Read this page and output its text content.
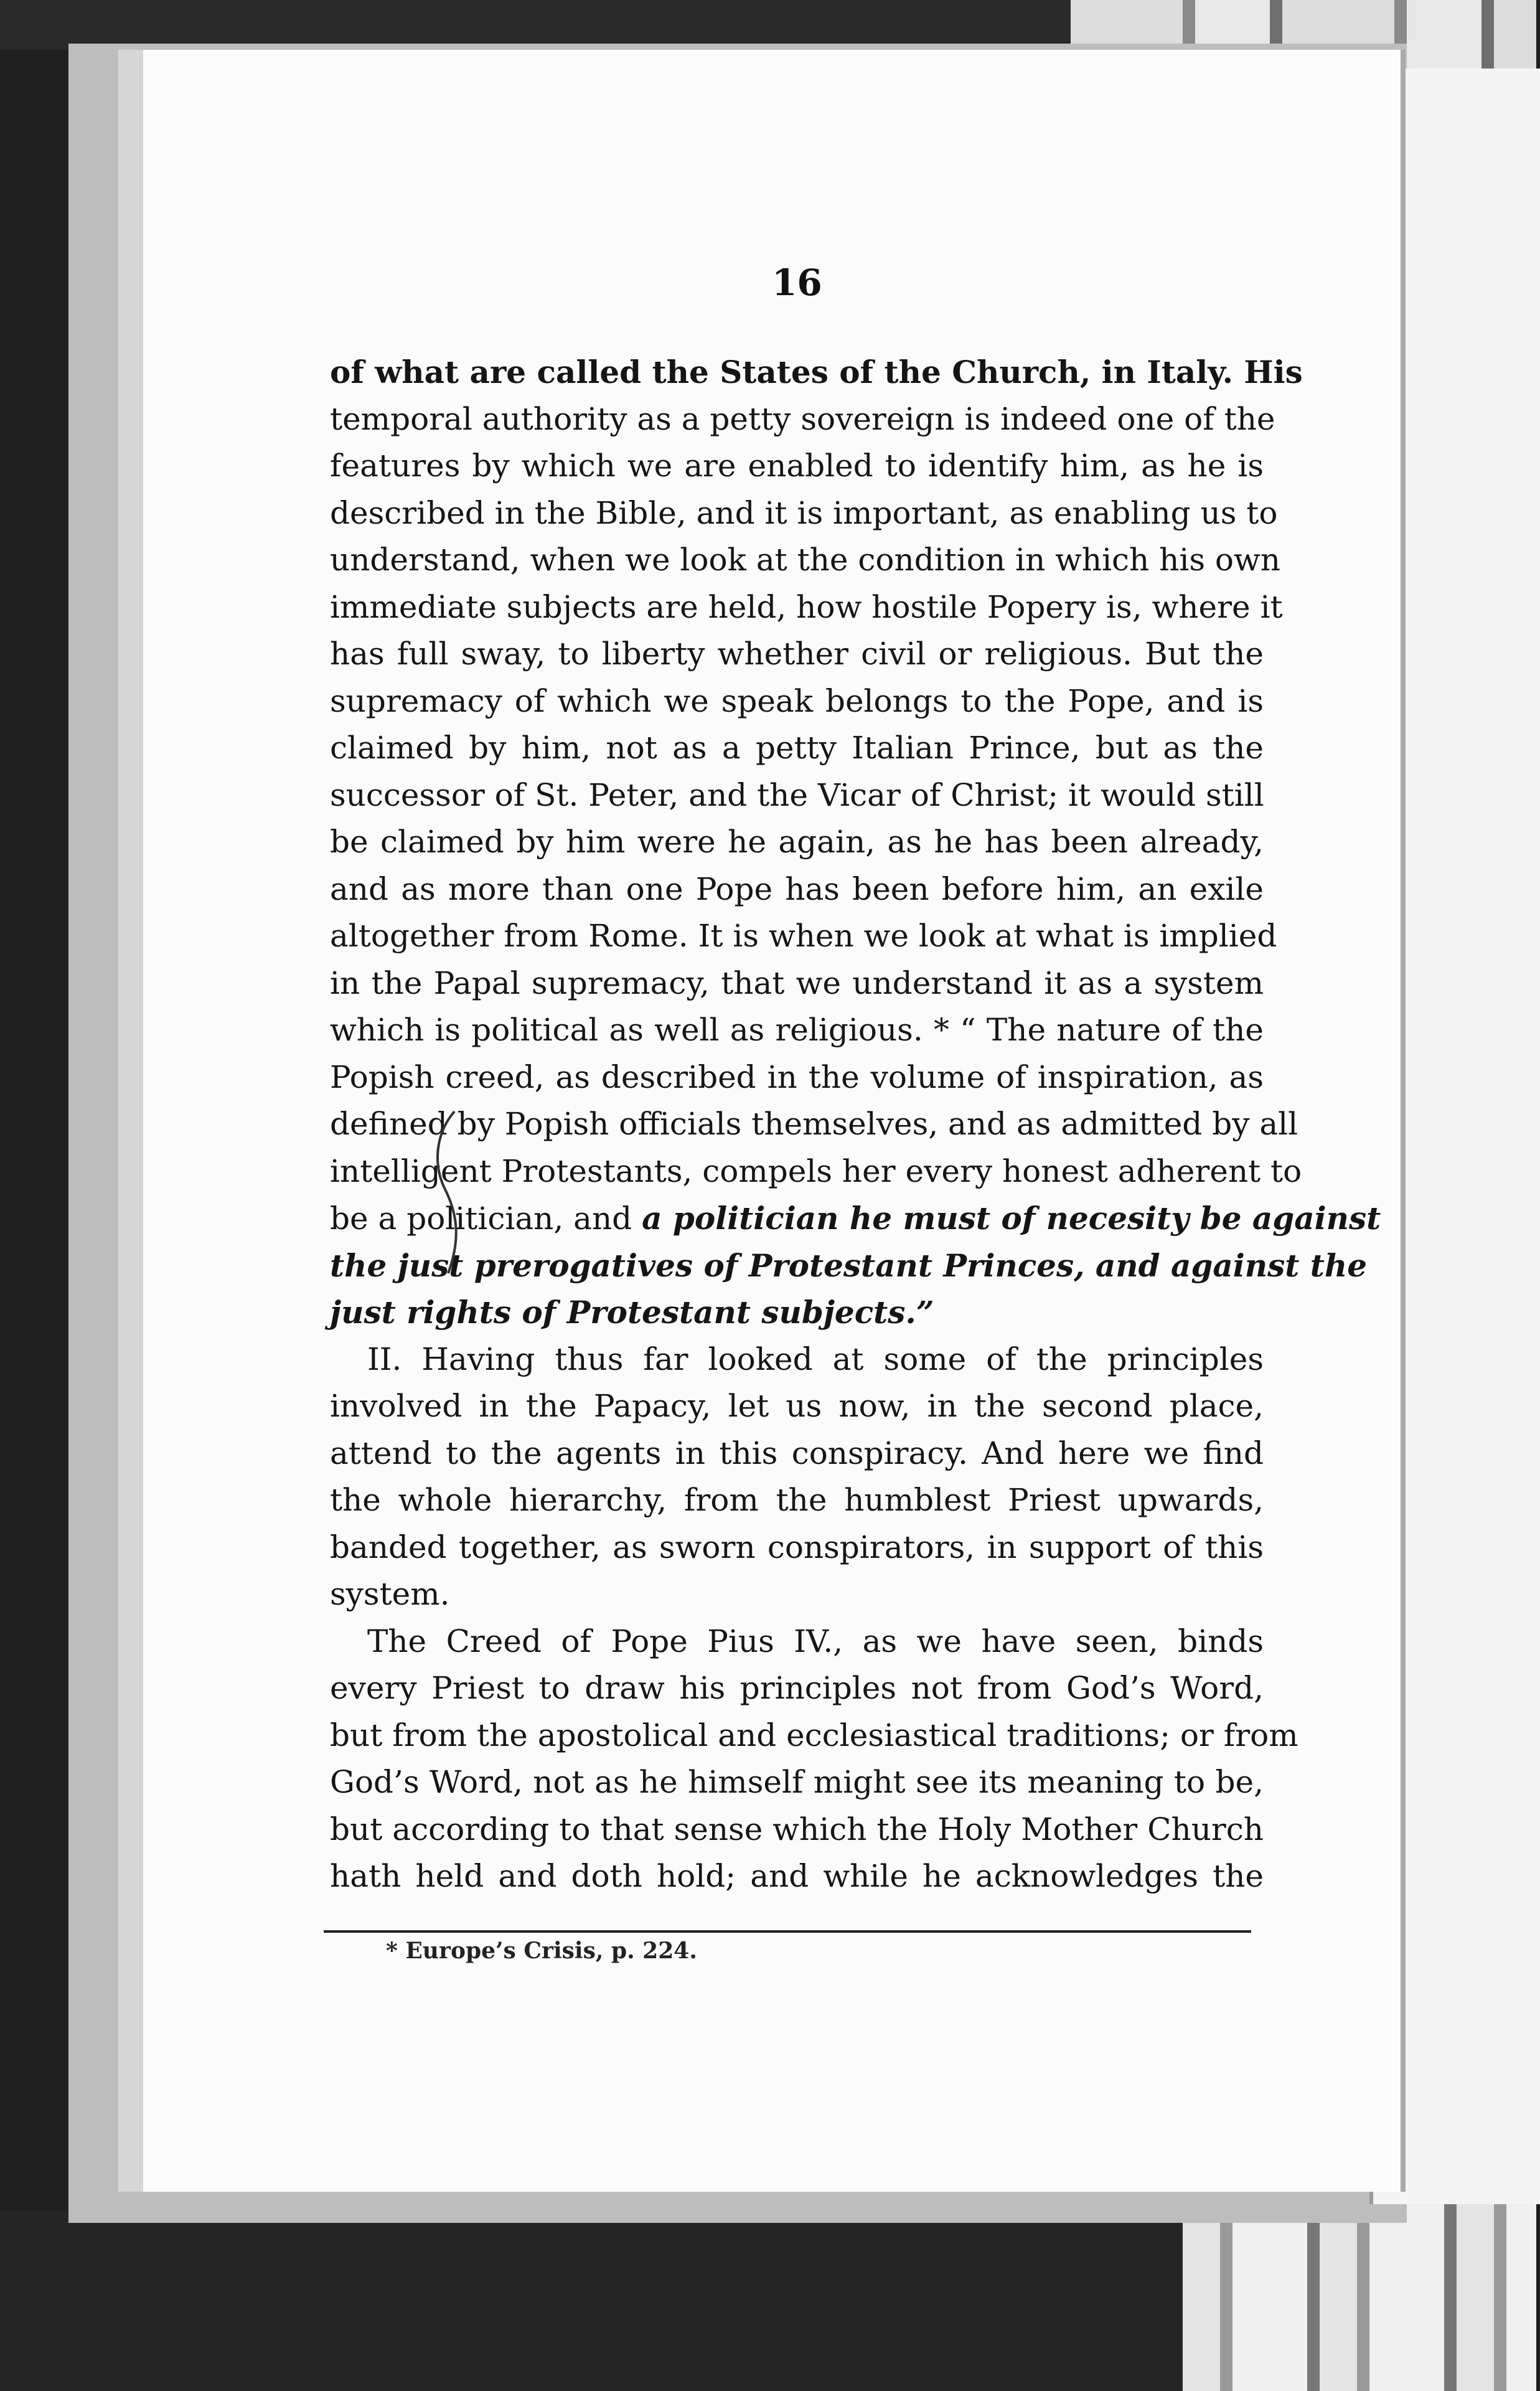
16
of what are called the States of the Church, in Italy. His
temporal authority as a petty sovereign is indeed one of the
features by which we are enabled to identify him, as he is
described in the Bible, and it is important, as enabling us to
understand, when we look at the condition in which his own
immediate subjects are held, how hostile Popery is, where it
has full sway, to liberty whether civil or religious. But the
supremacy of which we speak belongs to the Pope, and is
claimed by him, not as a petty Italian Prince, but as the
successor of St. Peter, and the Vicar of Christ; it would still
be claimed by him were he again, as he has been already,
and as more than one Pope has been before him, an exile
altogether from Rome. It is when we look at what is implied
in the Papal supremacy, that we understand it as a system
which is political as well as religious. * “ The nature of the
Popish creed, as described in the volume of inspiration, as
defined by Popish officials themselves, and as admitted by all
intelligent Protestants, compels her every honest adherent to
be a politician, and a politician he must of necesity be against
the just prerogatives of Protestant Princes, and against the
just rights of Protestant subjects.”
II. Having thus far looked at some of the principles
involved in the Papacy, let us now, in the second place,
attend to the agents in this conspiracy. And here we find
the whole hierarchy, from the humblest Priest upwards,
banded together, as sworn conspirators, in support of this
system.
The Creed of Pope Pius IV., as we have seen, binds
every Priest to draw his principles not from God’s Word,
but from the apostolical and ecclesiastical traditions; or from
God’s Word, not as he himself might see its meaning to be,
but according to that sense which the Holy Mother Church
hath held and doth hold; and while he acknowledges the
* Europe’s Crisis, p. 224.
